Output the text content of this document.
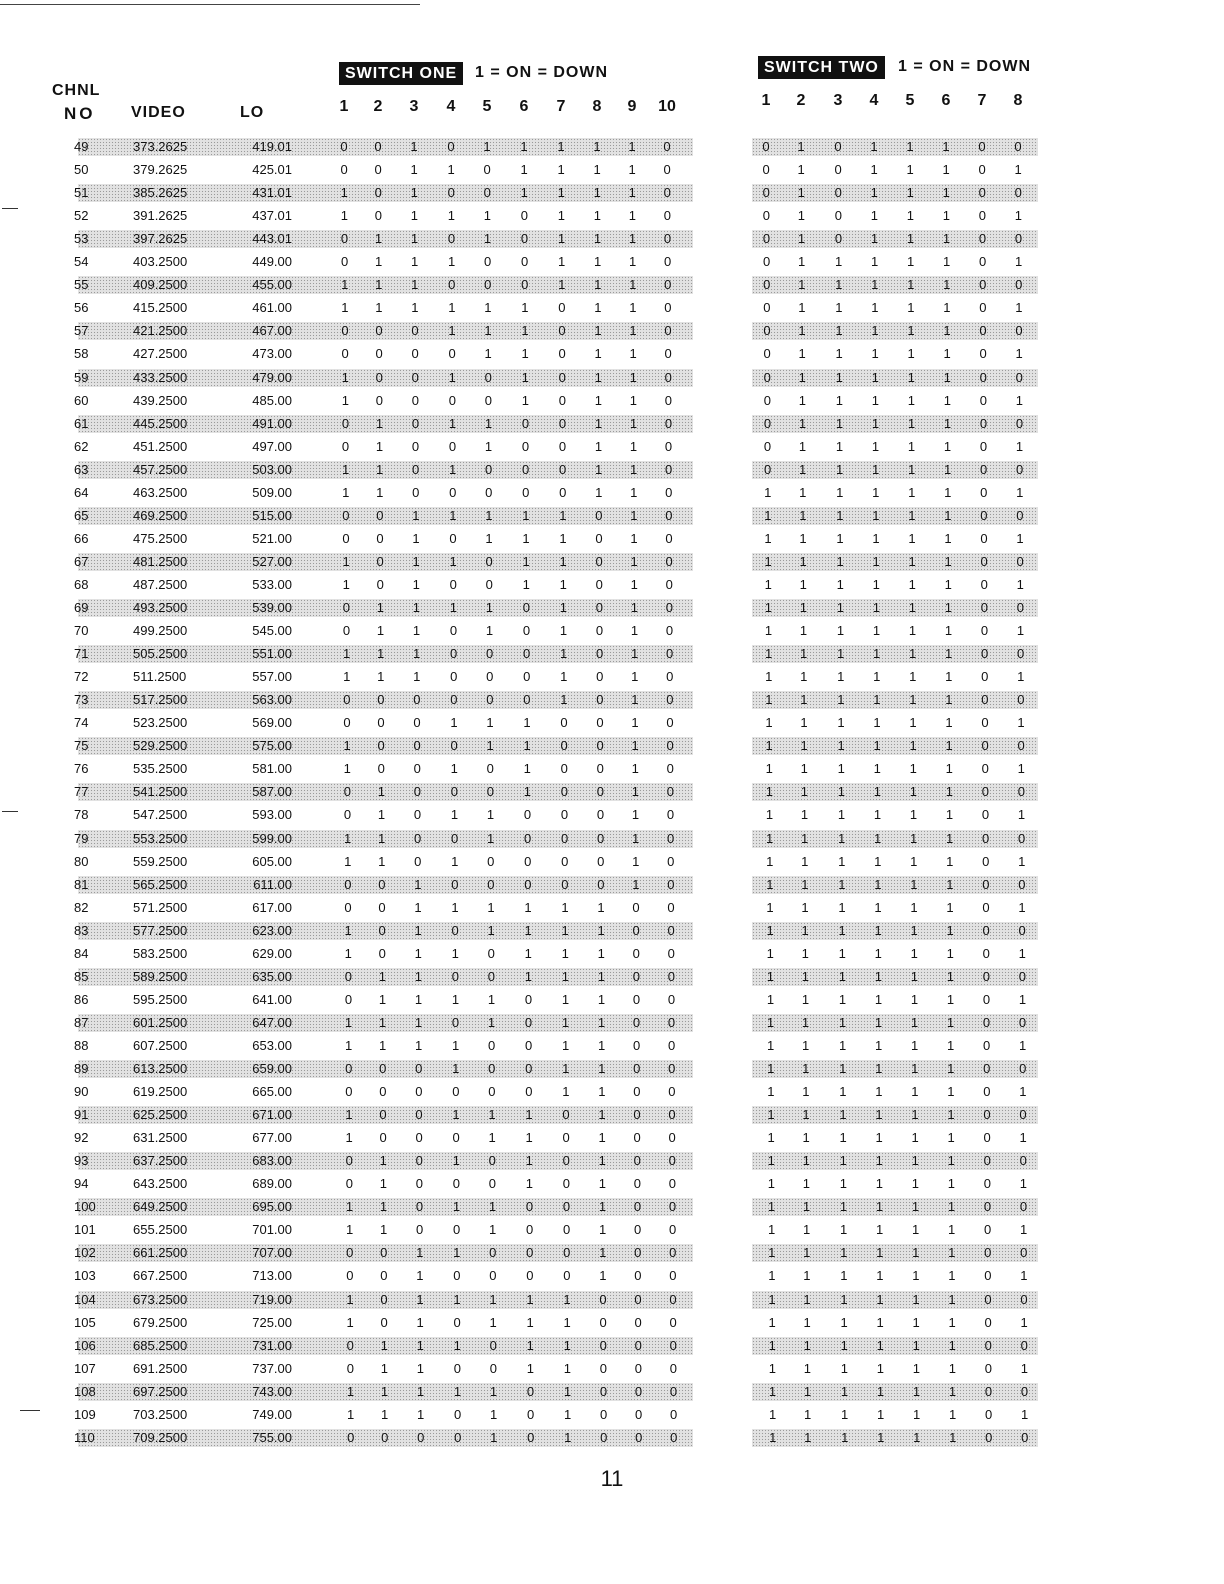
CHNL
NO VIDEO	LO
SWITCH ONE	1 = ON = DOWN	SWITCH TWO	1 = ON = DOWN
1	2	3	4	5	6	7	8	9	10	1	2	3	4	5	6	7	8
49	373.2625	419.01	0	0	1	0	1	1	1	1	1	0	0	1	0	1	1	1	0	0
50	379.2625	425.01	0	0	1	1	0	1	1	1	1	0	0	1	0	1	1	1	0	1
51	385.2625	431.01	1	0	1	0	0	1	1	1	1	0	0	1	0	1	1	1	0	0
52	391.2625	437.01	1	0	1	1	1	0	1	1	1	0	0	1	0	1	1	1	0	1
53	397.2625	443.01	0	1	1	0	1	0	1	1	1	0	0	1	0	1	1	1	0	0
54	403.2500	449.00	0	1	1	1	0	0	1	1	1	0	0	1	1	1	1	1	0	1
55	409.2500	455.00	1	1	1	0	0	0	1	1	1	0	0	1	1	1	1	1	0	0
56	415.2500	461.00	1	1	1	1	1	1	0	1	1	0	0	1	1	1	1	1	0	1
57	421.2500	467.00	0	0	0	1	1	1	0	1	1	0	0	1	1	1	1	1	0	0
58	427.2500	473.00	0	0	0	0	1	1	0	1	1	0	0	1	1	1	1	1	0	1
59	433.2500	479.00	1	0	0	1	0	1	0	1	1	0	0	1	1	1	1	1	0	0
60	439.2500	485.00	1	0	0	0	0	1	0	1	1	0	0	1	1	1	1	1	0	1
61	445.2500	491.00	0	1	0	1	1	0	0	1	1	0	0	1	1	1	1	1	0	0
62	451.2500	497.00	0	1	0	0	1	0	0	1	1	0	0	1	1	1	1	1	0	1
63	457.2500	503.00	1	1	0	1	0	0	0	1	1	0	0	1	1	1	1	1	0	0
64	463.2500	509.00	1	1	0	0	0	0	0	1	1	0	1	1	1	1	1	1	0	1
65	469.2500	515.00	0	0	1	1	1	1	1	0	1	0	1	1	1	1	1	1	0	0
66	475.2500	521.00	0	0	1	0	1	1	1	0	1	0	1	1	1	1	1	1	0	1
67	481.2500	527.00	1	0	1	1	0	1	1	0	1	0	1	1	1	1	1	1	0	0
68	487.2500	533.00	1	0	1	0	0	1	1	0	1	0	1	1	1	1	1	1	0	1
69	493.2500	539.00	0	1	1	1	1	0	1	0	1	0	1	1	1	1	1	1	0	0
70	499.2500	545.00	0	1	1	0	1	0	1	0	1	0	1	1	1	1	1	1	0	1
71	505.2500	551.00	1	1	1	0	0	0	1	0	1	0	1	1	1	1	1	1	0	0
72	511.2500	557.00	1	1	1	0	0	0	1	0	1	0	1	1	1	1	1	1	0	1
73	517.2500	563.00	0	0	0	0	0	0	1	0	1	0	1	1	1	1	1	1	0	0
74	523.2500	569.00	0	0	0	1	1	1	0	0	1	0	1	1	1	1	1	1	0	1
75	529.2500	575.00	1	0	0	0	1	1	0	0	1	0	1	1	1	1	1	1	0	0
76	535.2500	581.00	1	0	0	1	0	1	0	0	1	0	1	1	1	1	1	1	0	1
77	541.2500	587.00	0	1	0	0	0	1	0	0	1	0	1	1	1	1	1	1	0	0
78	547.2500	593.00	0	1	0	1	1	0	0	0	1	0	1	1	1	1	1	1	0	1
79	553.2500	599.00	1	1	0	0	1	0	0	0	1	0	1	1	1	1	1	1	0	0
80	559.2500	605.00	1	1	0	1	0	0	0	0	1	0	1	1	1	1	1	1	0	1
81	565.2500	611.00	0	0	1	0	0	0	0	0	1	0	1	1	1	1	1	1	0	0
82	571.2500	617.00	0	0	1	1	1	1	1	1	0	0	1	1	1	1	1	1	0	1
83	577.2500	623.00	1	0	1	0	1	1	1	1	0	0	1	1	1	1	1	1	0	0
84	583.2500	629.00	1	0	1	1	0	1	1	1	0	0	1	1	1	1	1	1	0	1
85	589.2500	635.00	0	1	1	0	0	1	1	1	0	0	1	1	1	1	1	1	0	0
86	595.2500	641.00	0	1	1	1	1	0	1	1	0	0	1	1	1	1	1	1	0	1
87	601.2500	647.00	1	1	1	0	1	0	1	1	0	0	1	1	1	1	1	1	0	0
88	607.2500	653.00	1	1	1	1	0	0	1	1	0	0	1	1	1	1	1	1	0	1
89	613.2500	659.00	0	0	0	1	0	0	1	1	0	0	1	1	1	1	1	1	0	0
90	619.2500	665.00	0	0	0	0	0	0	1	1	0	0	1	1	1	1	1	1	0	1
91	625.2500	671.00	1	0	0	1	1	1	0	1	0	0	1	1	1	1	1	1	0	0
92	631.2500	677.00	1	0	0	0	1	1	0	1	0	0	1	1	1	1	1	1	0	1
93	637.2500	683.00	0	1	0	1	0	1	0	1	0	0	1	1	1	1	1	1	0	0
94	643.2500	689.00	0	1	0	0	0	1	0	1	0	0	1	1	1	1	1	1	0	1
100	649.2500	695.00	1	1	0	1	1	0	0	1	0	0	1	1	1	1	1	1	0	0
101	655.2500	701.00	1	1	0	0	1	0	0	1	0	0	1	1	1	1	1	1	0	1
102	661.2500	707.00	0	0	1	1	0	0	0	1	0	0	1	1	1	1	1	1	0	0
103	667.2500	713.00	0	0	1	0	0	0	0	1	0	0	1	1	1	1	1	1	0	1
104	673.2500	719.00	1	0	1	1	1	1	1	0	0	0	1	1	1	1	1	1	0	0
105	679.2500	725.00	1	0	1	0	1	1	1	0	0	0	1	1	1	1	1	1	0	1
106	685.2500	731.00	0	1	1	1	0	1	1	0	0	0	1	1	1	1	1	1	0	0
107	691.2500	737.00	0	1	1	0	0	1	1	0	0	0	1	1	1	1	1	1	0	1
108	697.2500	743.00	1	1	1	1	1	0	1	0	0	0	1	1	1	1	1	1	0	0
109	703.2500	749.00	1	1	1	0	1	0	1	0	0	0	1	1	1	1	1	1	0	1
110	709.2500	755.00	0	0	0	0	1	0	1	0	0	0	1	1	1	1	1	1	0	0
11
